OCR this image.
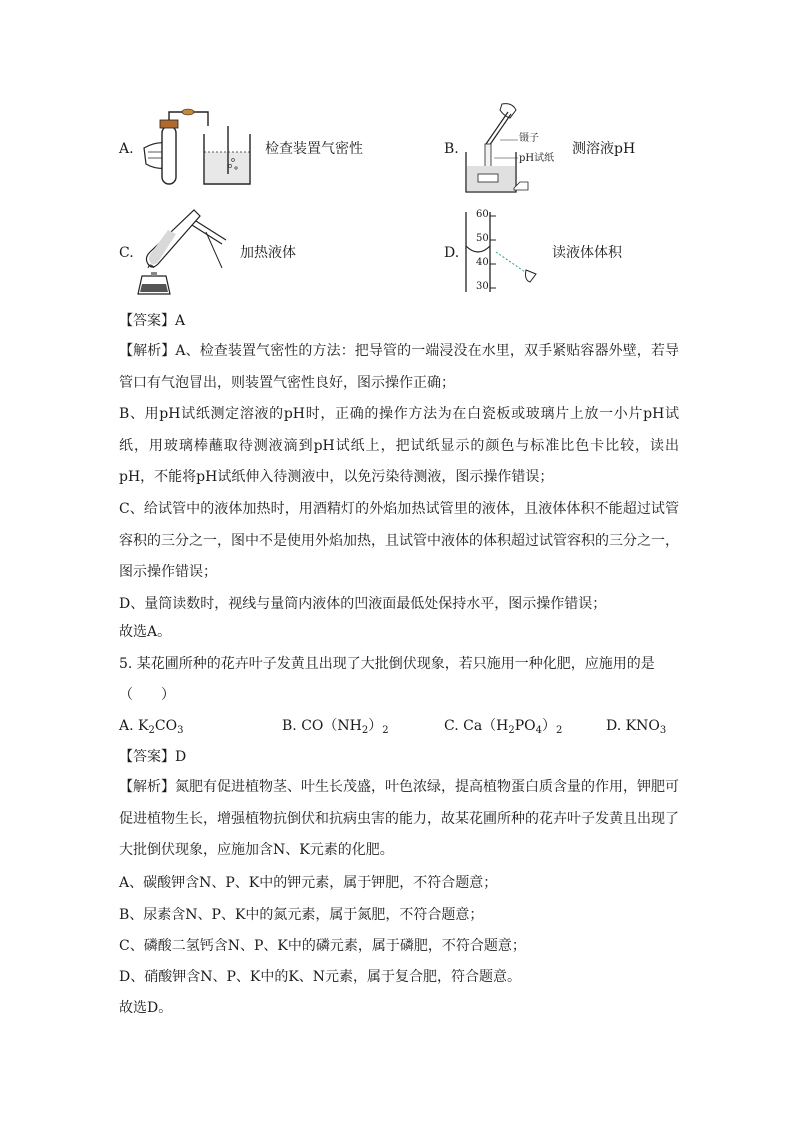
A.	检查装置气密性	B.
镊子
pH试纸
测溶液pH
C.	加热液体	D.
60
50
40
30
读液体体积
【答案】A
【解析】A、检查装置气密性的方法：把导管的一端浸没在水里，双手紧贴容器外壁，若导管口有气泡冒出，则装置气密性良好，图示操作正确；
B、用pH试纸测定溶液的pH时，正确的操作方法为在白瓷板或玻璃片上放一小片pH试纸，用玻璃棒蘸取待测液滴到pH试纸上，把试纸显示的颜色与标准比色卡比较，读出pH，不能将pH试纸伸入待测液中，以免污染待测液，图示操作错误；
C、给试管中的液体加热时，用酒精灯的外焰加热试管里的液体，且液体体积不能超过试管容积的三分之一，图中不是使用外焰加热，且试管中液体的体积超过试管容积的三分之一，图示操作错误；
D、量筒读数时，视线与量筒内液体的凹液面最低处保持水平，图示操作错误；
故选A。
5. 某花圃所种的花卉叶子发黄且出现了大批倒伏现象，若只施用一种化肥，应施用的是
（　　）
A. $K_2CO_3$	B. $CO(NH_2)_2$	C. $Ca(H_2PO_4)_2$	D. $KNO_3$
【答案】D
【解析】氮肥有促进植物茎、叶生长茂盛，叶色浓绿，提高植物蛋白质含量的作用，钾肥可促进植物生长，增强植物抗倒伏和抗病虫害的能力，故某花圃所种的花卉叶子发黄且出现了大批倒伏现象，应施加含N、K元素的化肥。
A、碳酸钾含N、P、K中的钾元素，属于钾肥，不符合题意；
B、尿素含N、P、K中的氮元素，属于氮肥，不符合题意；
C、磷酸二氢钙含N、P、K中的磷元素，属于磷肥，不符合题意；
D、硝酸钾含N、P、K中的K、N元素，属于复合肥，符合题意。
故选D。
